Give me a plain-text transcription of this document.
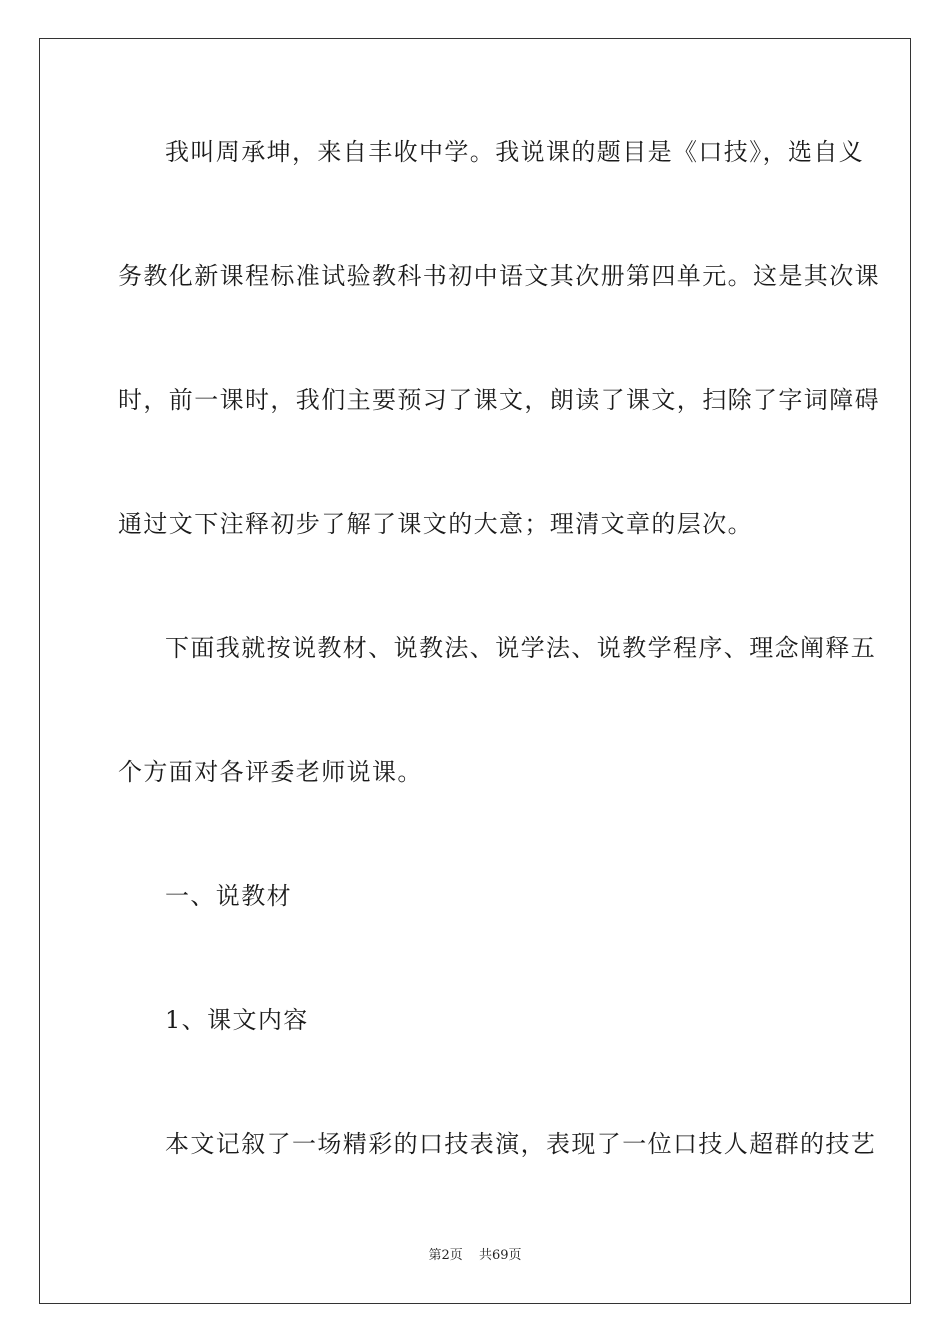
我叫周承坤，来自丰收中学。我说课的题目是《口技》，选自义
务教化新课程标准试验教科书初中语文其次册第四单元。这是其次课
时，前一课时，我们主要预习了课文，朗读了课文，扫除了字词障碍
通过文下注释初步了解了课文的大意；理清文章的层次。
下面我就按说教材、说教法、说学法、说教学程序、理念阐释五
个方面对各评委老师说课。
一、说教材
1、课文内容
本文记叙了一场精彩的口技表演，表现了一位口技人超群的技艺
第2页 共69页
